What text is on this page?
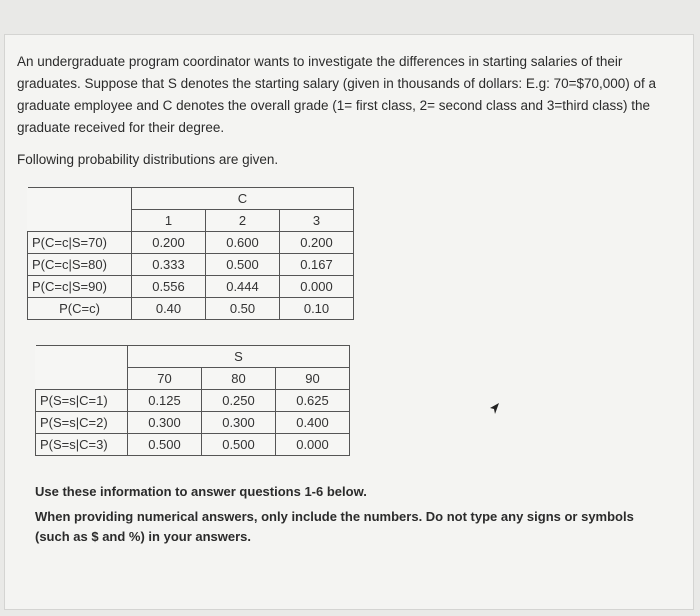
An undergraduate program coordinator wants to investigate the differences in starting salaries of their graduates. Suppose that S denotes the starting salary (given in thousands of dollars: E.g: 70=$70,000) of a graduate employee and C denotes the overall grade (1= first class, 2= second class and 3=third class) the graduate received for their degree.

Following probability distributions are given.

	C		
	1	2	3
P(C=c|S=70)	0.200	0.600	0.200
P(C=c|S=80)	0.333	0.500	0.167
P(C=c|S=90)	0.556	0.444	0.000
P(C=c)	0.40	0.50	0.10
	S		
	70	80	90
P(S=s|C=1)	0.125	0.250	0.625
P(S=s|C=2)	0.300	0.300	0.400
P(S=s|C=3)	0.500	0.500	0.000

Use these information to answer questions 1-6 below.

When providing numerical answers, only include the numbers. Do not type any signs or symbols (such as $ and %) in your answers.
